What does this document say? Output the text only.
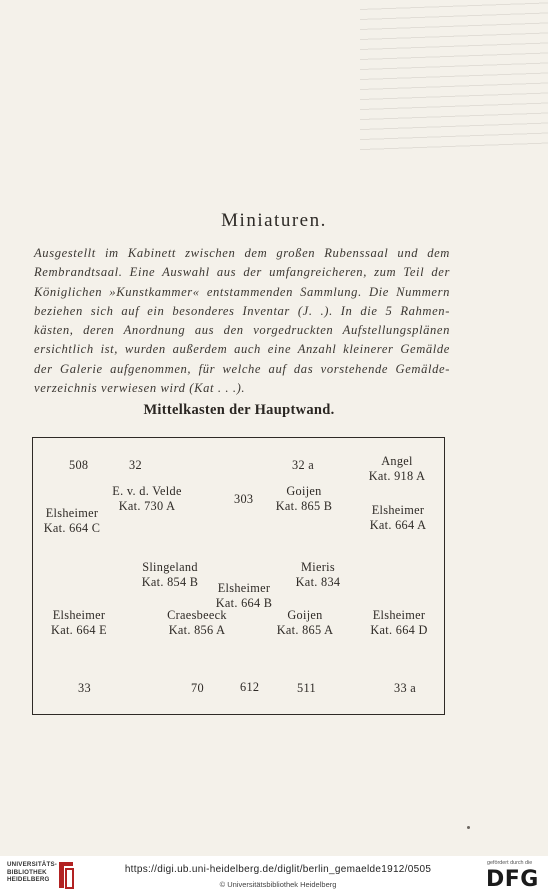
Miniaturen.
Ausgestellt im Kabinett zwischen dem großen Rubenssaal und dem
Rembrandtsaal. Eine Auswahl aus der umfangreicheren, zum Teil der
Königlichen »Kunstkammer« entstammenden Sammlung. Die Nummern
beziehen sich auf ein besonderes Inventar (J. .). In die 5 Rahmen-
kästen, deren Anordnung aus den vorgedruckten Aufstellungsplänen
ersichtlich ist, wurden außerdem auch eine Anzahl kleinerer Gemälde
der Galerie aufgenommen, für welche auf das vorstehende Gemälde-
verzeichnis verwiesen wird (Kat . . .).
Mittelkasten der Hauptwand.
508	32	32 a	Angel
Kat. 918 A
E. v. d. Velde
Kat. 730 A	303
Goijen
Kat. 865 B
Elsheimer
Kat. 664 C
Elsheimer
Kat. 664 A
Slingeland
Kat. 854 B
Mieris
Kat. 834
Elsheimer
Kat. 664 B
Elsheimer
Kat. 664 E
Craesbeeck
Kat. 856 A
Goijen
Kat. 865 A
Elsheimer
Kat. 664 D
33	70	612	511	33 a
UNIVERSITÄTS-
BIBLIOTHEK
HEIDELBERG
https://digi.ub.uni-heidelberg.de/diglit/berlin_gemaelde1912/0505
© Universitätsbibliothek Heidelberg
gefördert durch die
DFG
